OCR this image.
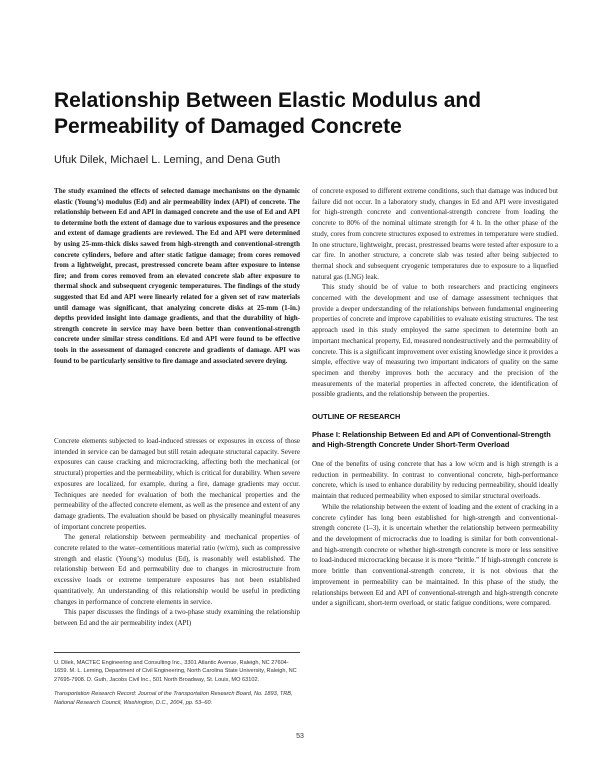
Relationship Between Elastic Modulus and Permeability of Damaged Concrete
Ufuk Dilek, Michael L. Leming, and Dena Guth
The study examined the effects of selected damage mechanisms on the dynamic elastic (Young’s) modulus (Ed) and air permeability index (API) of concrete. The relationship between Ed and API in damaged concrete and the use of Ed and API to determine both the extent of damage due to various exposures and the presence and extent of damage gradients are reviewed. The Ed and API were determined by using 25-mm-thick disks sawed from high-strength and conventional-strength concrete cylinders, before and after static fatigue damage; from cores removed from a lightweight, precast, prestressed concrete beam after exposure to intense fire; and from cores removed from an elevated concrete slab after exposure to thermal shock and subsequent cryogenic temperatures. The findings of the study suggested that Ed and API were linearly related for a given set of raw materials until damage was significant, that analyzing concrete disks at 25-mm (1-in.) depths provided insight into damage gradients, and that the durability of high-strength concrete in service may have been better than conventional-strength concrete under similar stress conditions. Ed and API were found to be effective tools in the assessment of damaged concrete and gradients of damage. API was found to be particularly sensitive to fire damage and associated severe drying.

Concrete elements subjected to load-induced stresses or exposures in excess of those intended in service can be damaged but still retain adequate structural capacity. Severe exposures can cause cracking and microcracking, affecting both the mechanical (or structural) properties and the permeability, which is critical for durability. When severe exposures are localized, for example, during a fire, damage gradients may occur. Techniques are needed for evaluation of both the mechanical properties and the permeability of the affected concrete element, as well as the presence and extent of any damage gradients. The evaluation should be based on physically meaningful measures of important concrete properties.

The general relationship between permeability and mechanical properties of concrete related to the water–cementitious material ratio (w/cm), such as compressive strength and elastic (Young’s) modulus (Ed), is reasonably well established. The relationship between Ed and permeability due to changes in microstructure from excessive loads or extreme temperature exposures has not been established quantitatively. An understanding of this relationship would be useful in predicting changes in performance of concrete elements in service.

This paper discusses the findings of a two-phase study examining the relationship between Ed and the air permeability index (API)

U. Dilek, MACTEC Engineering and Consulting Inc., 3301 Atlantic Avenue, Raleigh, NC 27604-1659. M. L. Leming, Department of Civil Engineering, North Carolina State University, Raleigh, NC 27695-7908. D. Guth, Jacobs Civil Inc., 501 North Broadway, St. Louis, MO 63102.
Transportation Research Record: Journal of the Transportation Research Board, No. 1893, TRB, National Research Council, Washington, D.C., 2004, pp. 53–60.

of concrete exposed to different extreme conditions, such that damage was induced but failure did not occur. In a laboratory study, changes in Ed and API were investigated for high-strength concrete and conventional-strength concrete from loading the concrete to 80% of the nominal ultimate strength for 4 h. In the other phase of the study, cores from concrete structures exposed to extremes in temperature were studied. In one structure, lightweight, precast, prestressed beams were tested after exposure to a car fire. In another structure, a concrete slab was tested after being subjected to thermal shock and subsequent cryogenic temperatures due to exposure to a liquefied natural gas (LNG) leak.

This study should be of value to both researchers and practicing engineers concerned with the development and use of damage assessment techniques that provide a deeper understanding of the relationships between fundamental engineering properties of concrete and improve capabilities to evaluate existing structures. The test approach used in this study employed the same specimen to determine both an important mechanical property, Ed, measured nondestructively and the permeability of concrete. This is a significant improvement over existing knowledge since it provides a simple, effective way of measuring two important indicators of quality on the same specimen and thereby improves both the accuracy and the precision of the measurements of the material properties in affected concrete, the identification of possible gradients, and the relationship between the properties.

OUTLINE OF RESEARCH
Phase I: Relationship Between Ed and API of Conventional-Strength and High-Strength Concrete Under Short-Term Overload

One of the benefits of using concrete that has a low w/cm and is high strength is a reduction in permeability. In contrast to conventional concrete, high-performance concrete, which is used to enhance durability by reducing permeability, should ideally maintain that reduced permeability when exposed to similar structural overloads.

While the relationship between the extent of loading and the extent of cracking in a concrete cylinder has long been established for high-strength and conventional-strength concrete (1–3), it is uncertain whether the relationship between permeability and the development of microcracks due to loading is similar for both conventional- and high-strength concrete or whether high-strength concrete is more or less sensitive to load-induced microcracking because it is more “brittle.” If high-strength concrete is more brittle than conventional-strength concrete, it is not obvious that the improvement in permeability can be maintained. In this phase of the study, the relationships between Ed and API of conventional-strength and high-strength concrete under a significant, short-term overload, or static fatigue conditions, were compared.

53
